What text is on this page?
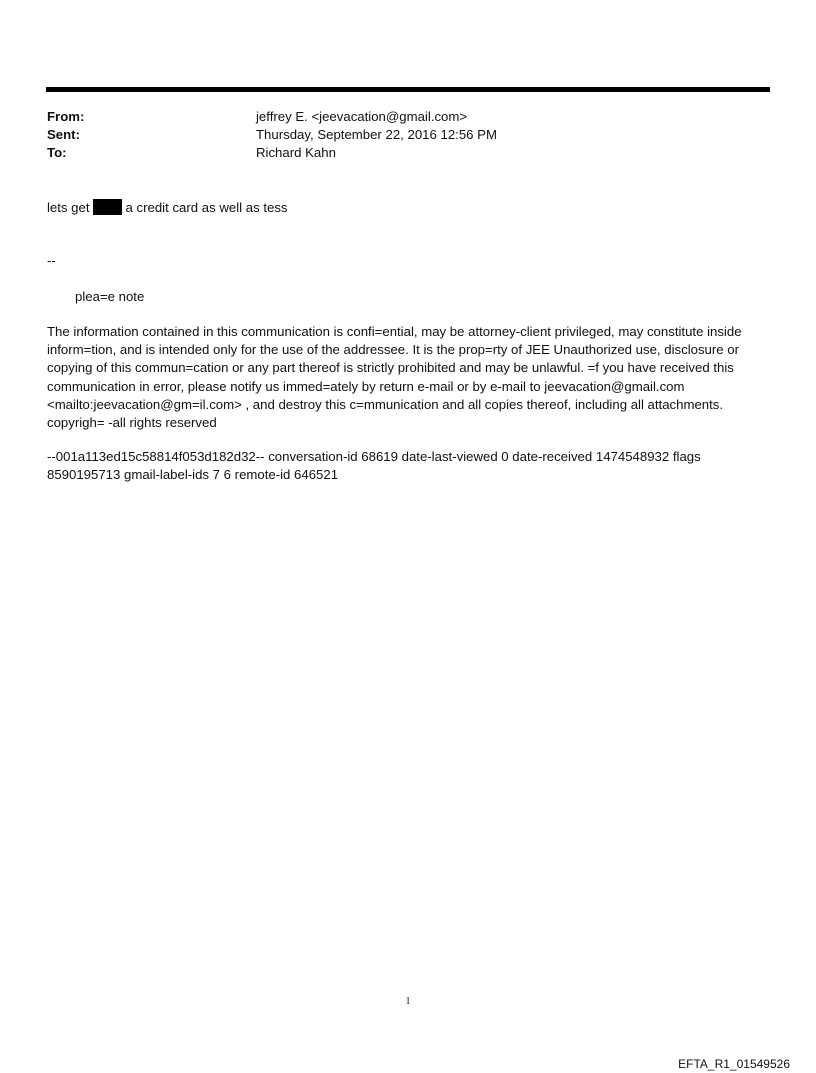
From:	jeffrey E. <jeevacation@gmail.com>
Sent:	Thursday, September 22, 2016 12:56 PM
To:	Richard Kahn
lets get	a credit card as well as tess
--
plea=e note
The information contained in this communication is confi=ential, may be attorney-client privileged, may constitute inside inform=tion, and is intended only for the use of the addressee. It is the prop=rty of JEE Unauthorized use, disclosure or copying of this commun=cation or any part thereof is strictly prohibited and may be unlawful. =f you have received this communication in error, please notify us immed=ately by return e-mail or by e-mail to jeevacation@gmail.com <mailto:jeevacation@gm=il.com> , and destroy this c=mmunication and all copies thereof, including all attachments. copyrigh= -all rights reserved
--001a113ed15c58814f053d182d32-- conversation-id 68619 date-last-viewed 0 date-received 1474548932 flags 8590195713 gmail-label-ids 7 6 remote-id 646521
1
EFTA_R1_01549526
